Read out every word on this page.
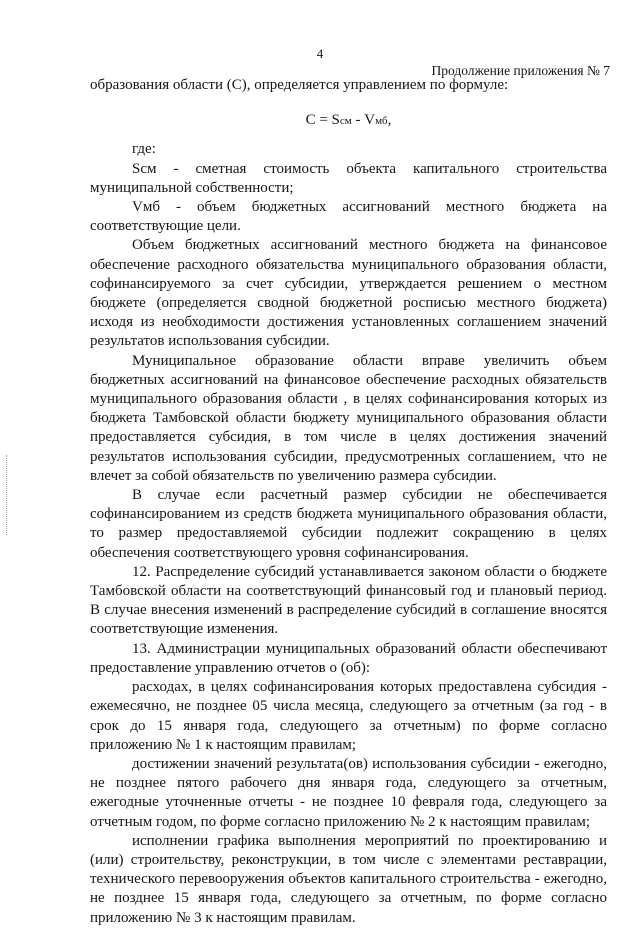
4
Продолжение приложения № 7

образования области (С), определяется управлением по формуле:

C = Sсм - Vмб,

где:

Sсм - сметная стоимость объекта капитального строительства муниципальной собственности;

Vмб - объем бюджетных ассигнований местного бюджета на соответствующие цели.

Объем бюджетных ассигнований местного бюджета на финансовое обеспечение расходного обязательства муниципального образования области, софинансируемого за счет субсидии, утверждается решением о местном бюджете (определяется сводной бюджетной росписью местного бюджета) исходя из необходимости достижения установленных соглашением значений результатов использования субсидии.

Муниципальное образование области вправе увеличить объем бюджетных ассигнований на финансовое обеспечение расходных обязательств муниципального образования области , в целях софинансирования которых из бюджета Тамбовской области бюджету муниципального образования области предоставляется субсидия, в том числе в целях достижения значений результатов использования субсидии, предусмотренных соглашением, что не влечет за собой обязательств по увеличению размера субсидии.

В случае если расчетный размер субсидии не обеспечивается софинансированием из средств бюджета муниципального образования области, то размер предоставляемой субсидии подлежит сокращению в целях обеспечения соответствующего уровня софинансирования.

12. Распределение субсидий устанавливается законом области о бюджете Тамбовской области на соответствующий финансовый год и плановый период. В случае внесения изменений в распределение субсидий в соглашение вносятся соответствующие изменения.

13. Администрации муниципальных образований области обеспечивают предоставление управлению отчетов о (об):

расходах, в целях софинансирования которых предоставлена субсидия - ежемесячно, не позднее 05 числа месяца, следующего за отчетным (за год - в срок до 15 января года, следующего за отчетным) по форме согласно приложению № 1 к настоящим правилам;

достижении значений результата(ов) использования субсидии - ежегодно, не позднее пятого рабочего дня января года, следующего за отчетным, ежегодные уточненные отчеты - не позднее 10 февраля года, следующего за отчетным годом, по форме согласно приложению № 2 к настоящим правилам;

исполнении графика выполнения мероприятий по проектированию и (или) строительству, реконструкции, в том числе с элементами реставрации, технического перевооружения объектов капитального строительства - ежегодно, не позднее 15 января года, следующего за отчетным, по форме согласно приложению № 3 к настоящим правилам.
